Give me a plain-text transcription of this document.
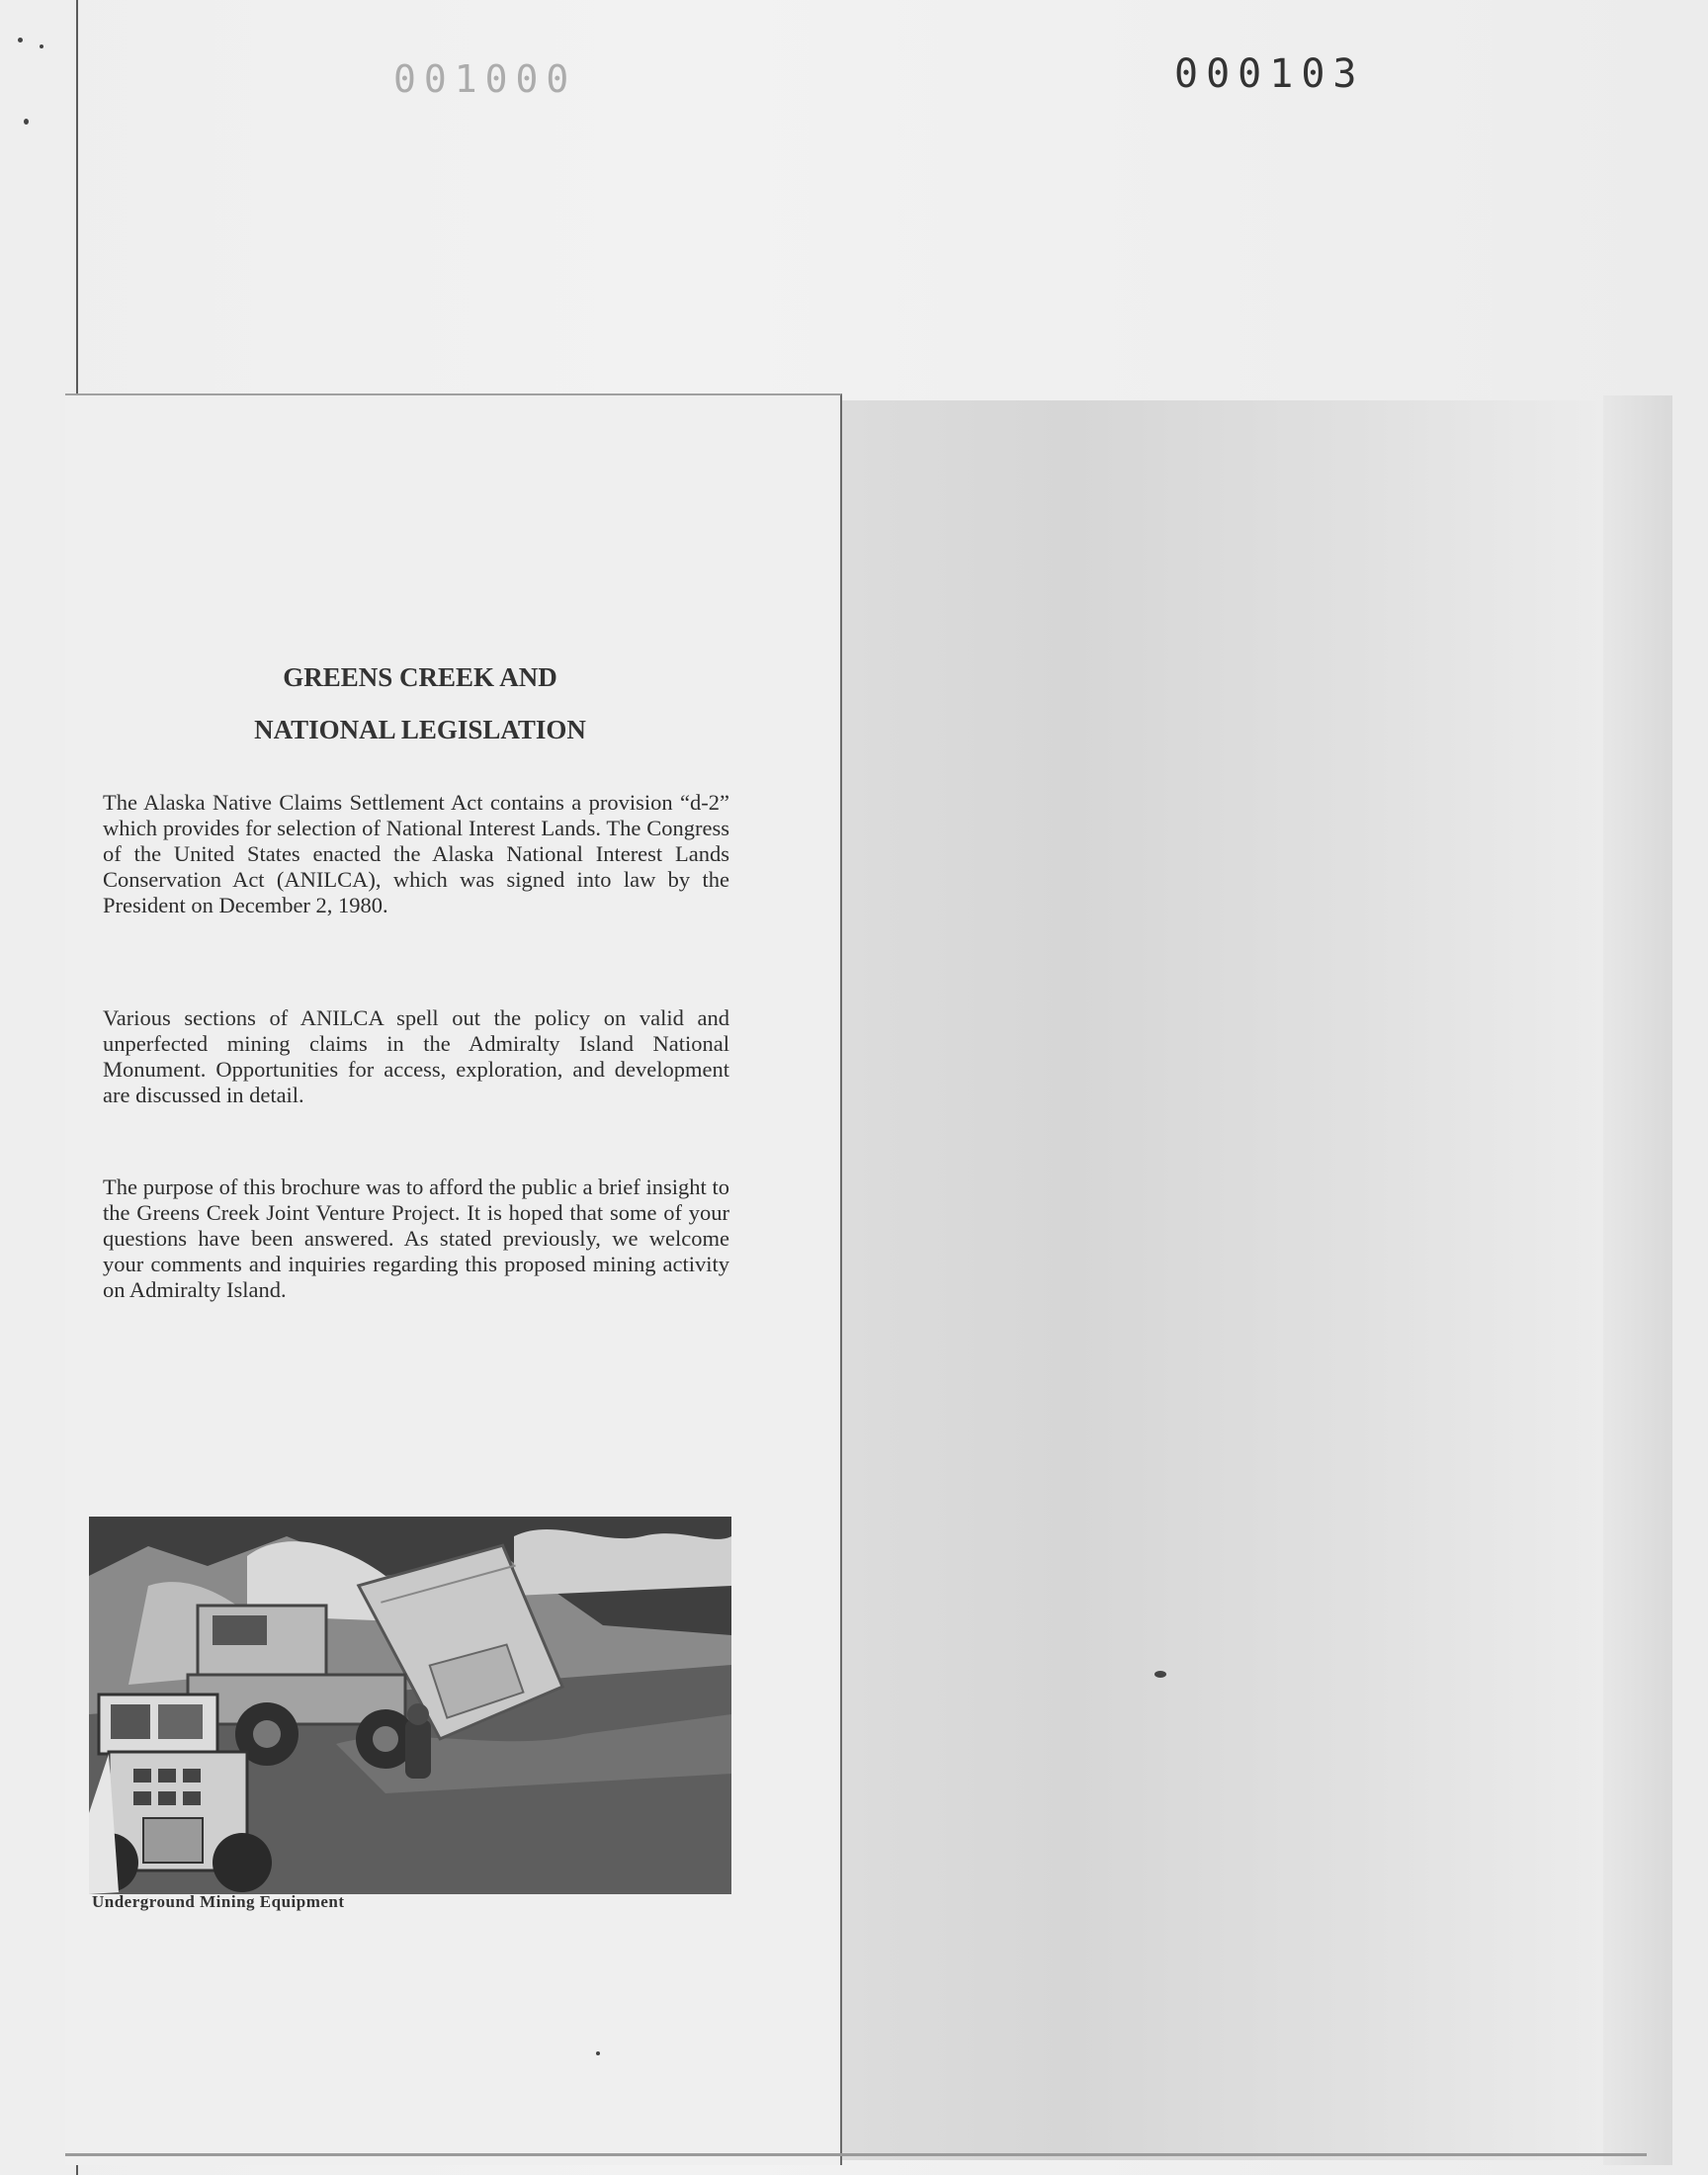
001000	000103
GREENS CREEK AND
NATIONAL LEGISLATION

The Alaska Native Claims Settlement Act contains a provision “d-2” which provides for selection of National Interest Lands. The Congress of the United States enacted the Alaska National Interest Lands Conservation Act (ANILCA), which was signed into law by the President on December 2, 1980.

Various sections of ANILCA spell out the policy on valid and unperfected mining claims in the Admiralty Island National Monument. Opportunities for access, exploration, and development are discussed in detail.

The purpose of this brochure was to afford the public a brief insight to the Greens Creek Joint Venture Project. It is hoped that some of your questions have been answered. As stated previously, we welcome your comments and inquiries regarding this proposed mining activity on Admiralty Island.

Underground Mining Equipment
